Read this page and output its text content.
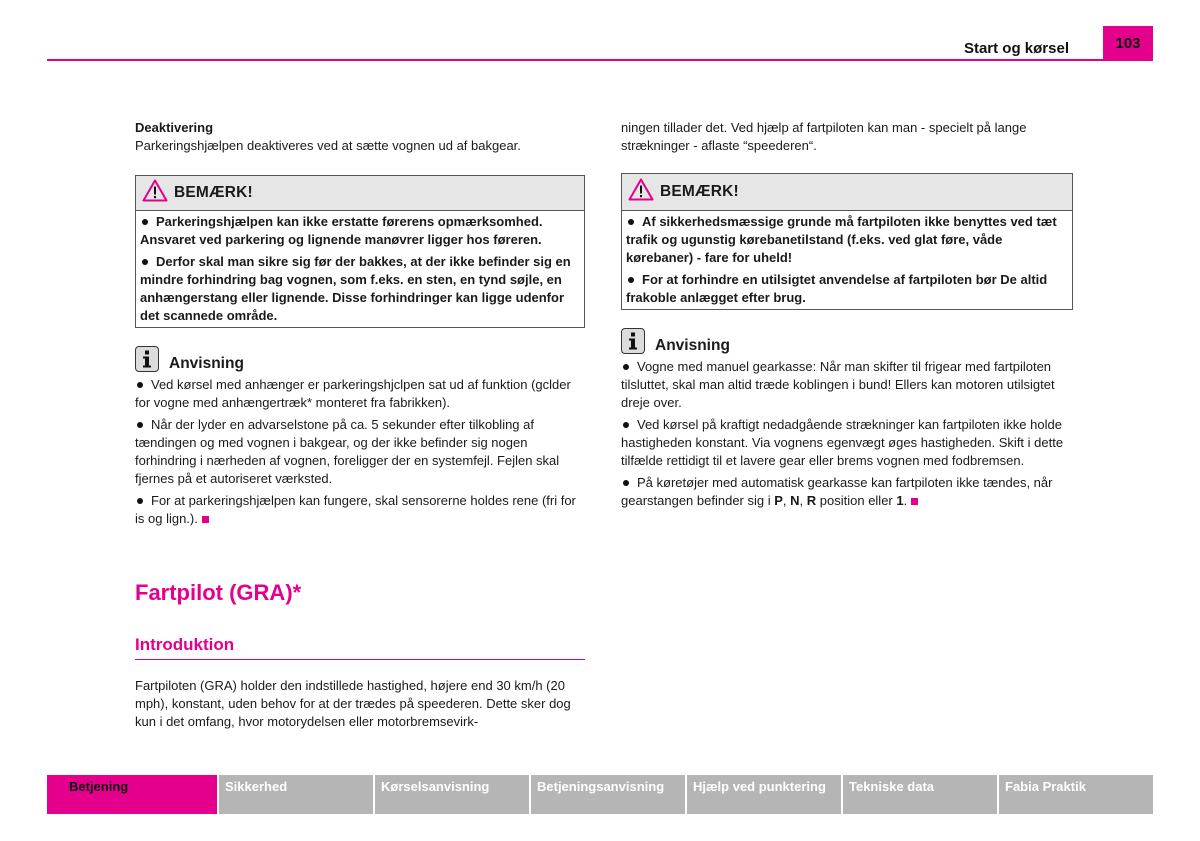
Start og kørsel	103

Deaktivering

Parkeringshjælpen deaktiveres ved at sætte vognen ud af bakgear.

BEMÆRK!
Parkeringshjælpen kan ikke erstatte førerens opmærksomhed. Ansvaret ved parkering og lignende manøvrer ligger hos føreren.
Derfor skal man sikre sig før der bakkes, at der ikke befinder sig en mindre forhindring bag vognen, som f.eks. en sten, en tynd søjle, en anhængerstang eller lignende. Disse forhindringer kan ligge udenfor det scannede område.
Anvisning
Ved kørsel med anhænger er parkeringshjclpen sat ud af funktion (gclder for vogne med anhængertræk* monteret fra fabrikken).
Når der lyder en advarselstone på ca. 5 sekunder efter tilkobling af tændingen og med vognen i bakgear, og der ikke befinder sig nogen forhindring i nærheden af vognen, foreligger der en systemfejl. Fejlen skal fjernes på et autoriseret værksted.
For at parkeringshjælpen kan fungere, skal sensorerne holdes rene (fri for is og lign.).
Fartpilot (GRA)*
Introduktion

Fartpiloten (GRA) holder den indstillede hastighed, højere end 30 km/h (20 mph), konstant, uden behov for at der trædes på speederen. Dette sker dog kun i det omfang, hvor motorydelsen eller motorbremsevirk-

ningen tillader det. Ved hjælp af fartpiloten kan man - specielt på lange strækninger - aflaste “speederen“.

BEMÆRK!
Af sikkerhedsmæssige grunde må fartpiloten ikke benyttes ved tæt trafik og ugunstig kørebanetilstand (f.eks. ved glat føre, våde kørebaner) - fare for uheld!
For at forhindre en utilsigtet anvendelse af fartpiloten bør De altid frakoble anlægget efter brug.
Anvisning
Vogne med manuel gearkasse: Når man skifter til frigear med fartpiloten tilsluttet, skal man altid træde koblingen i bund! Ellers kan motoren utilsigtet dreje over.
Ved kørsel på kraftigt nedadgående strækninger kan fartpiloten ikke holde hastigheden konstant. Via vognens egenvægt øges hastigheden. Skift i dette tilfælde rettidigt til et lavere gear eller brems vognen med fodbremsen.
På køretøjer med automatisk gearkasse kan fartpiloten ikke tændes, når gearstangen befinder sig i P, N, R position eller 1.
Betjening	Sikkerhed	Kørselsanvisning	Betjeningsanvisning	Hjælp ved punktering	Tekniske data	Fabia Praktik
